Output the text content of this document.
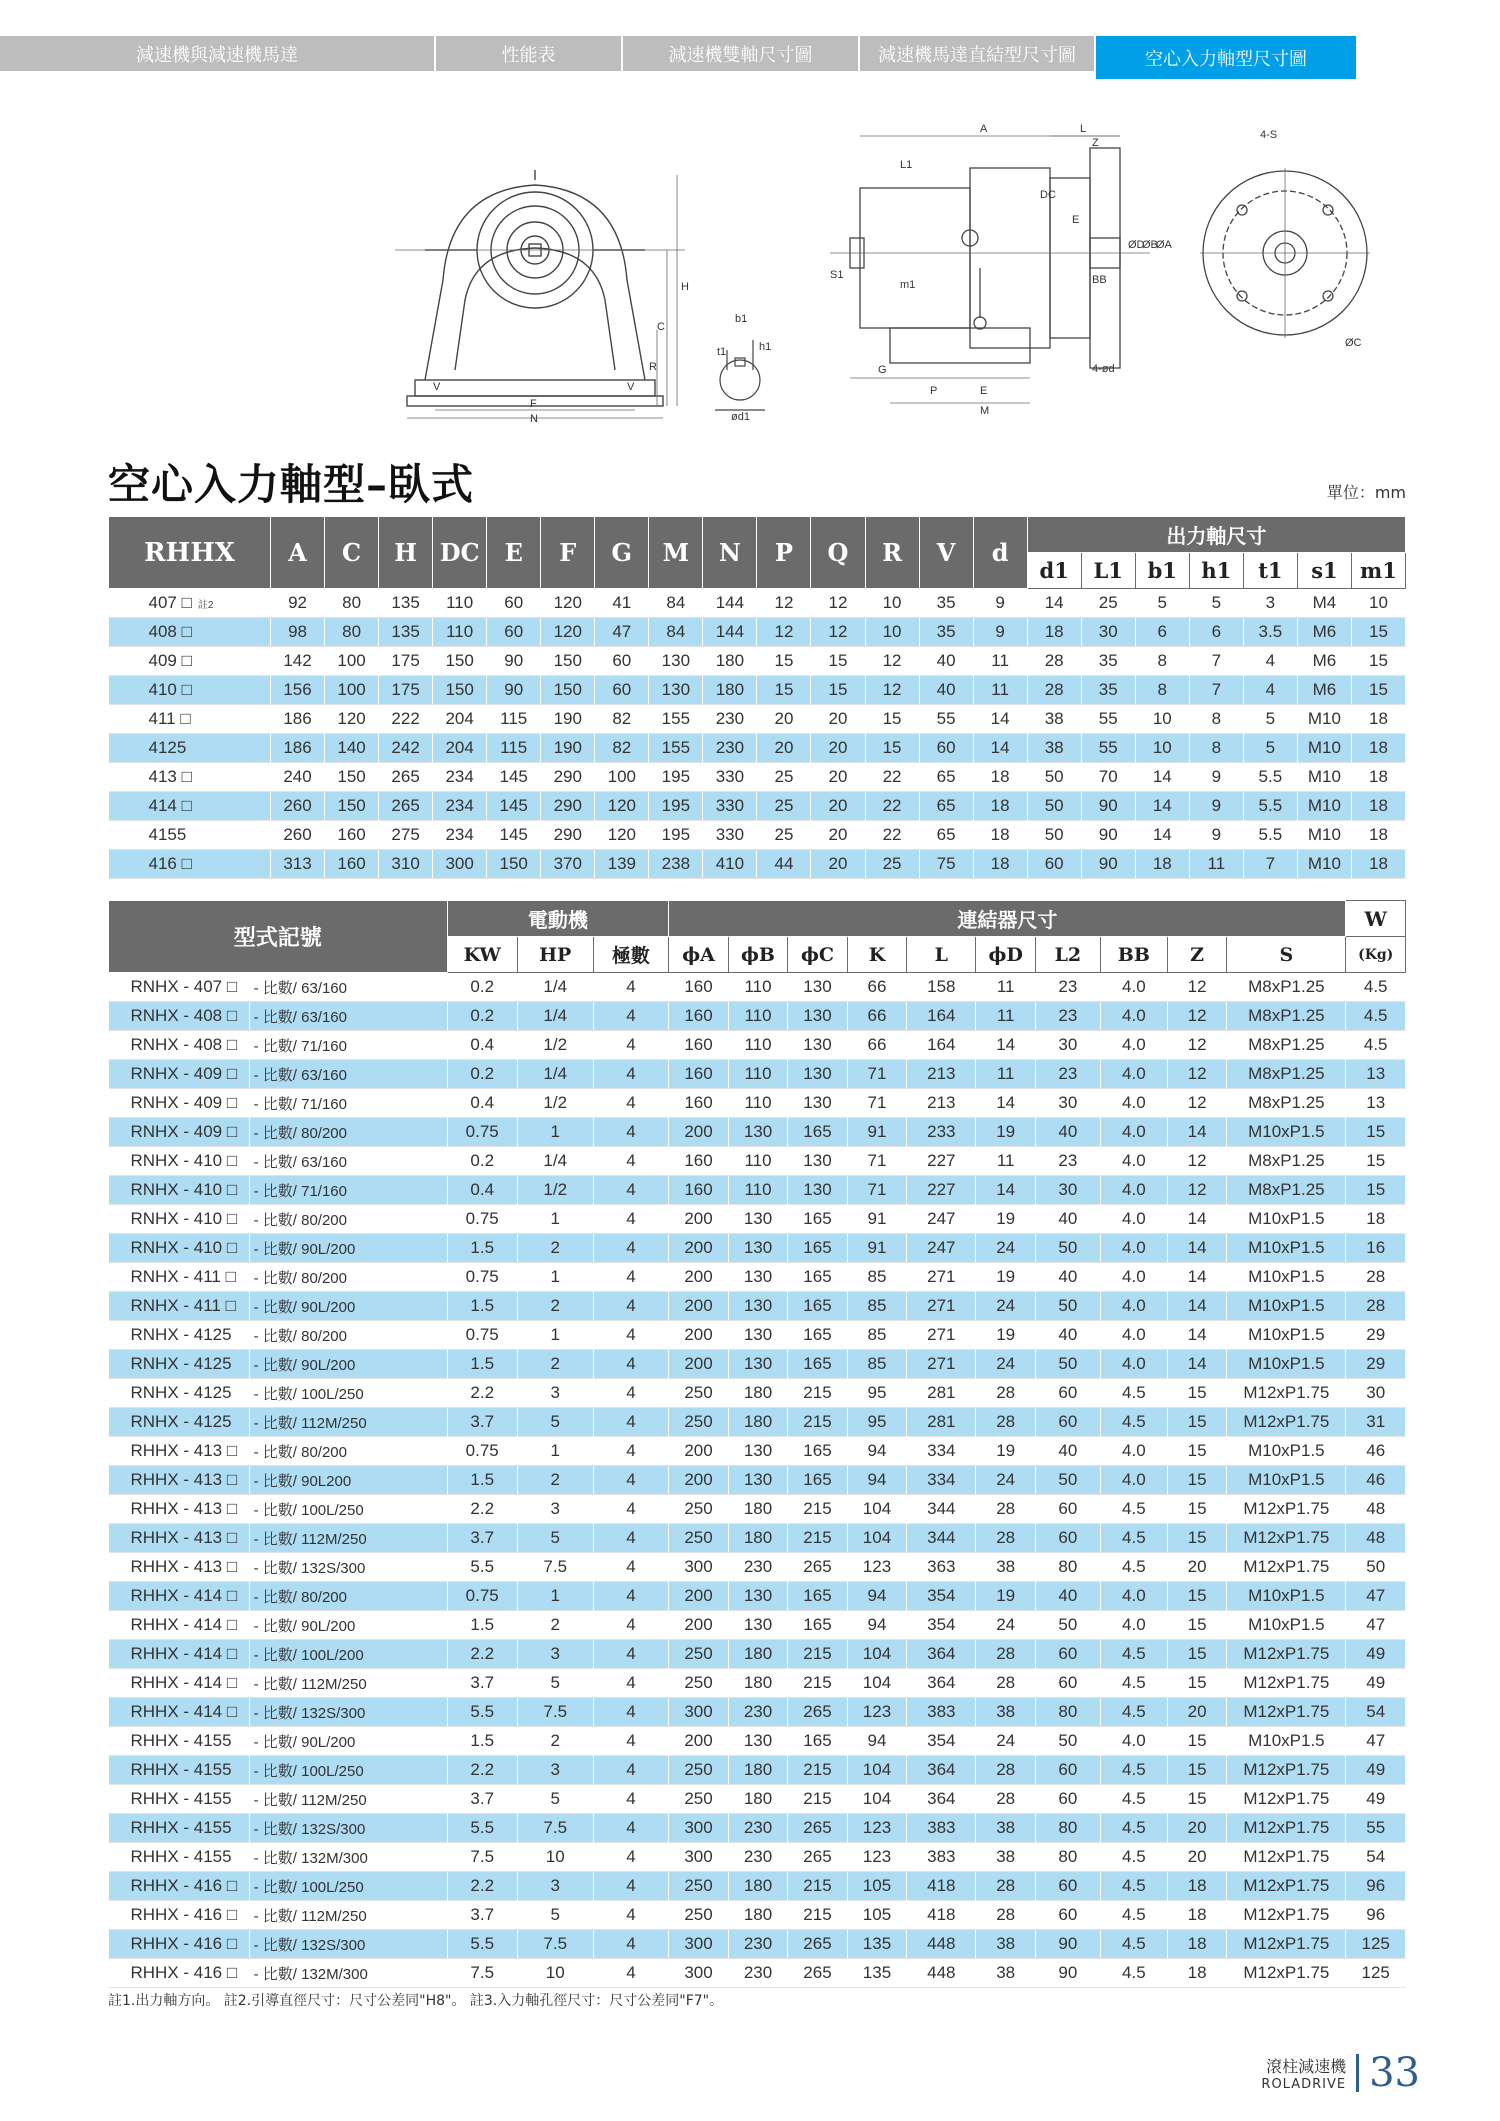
減速機與減速機馬達	性能表	減速機雙軸尺寸圖	減速機馬達直結型尺寸圖	空心入力軸型尺寸圖
H
C
R
F
N
V	V
t1
b1
h1
ød1
A	L
Z
L1
DC
E
S1
m1
ØD
ØB
ØA
BB
G
P	E
M
4-ød
4-S
ØC
空心入力軸型–臥式	單位：mm
RHHX	A	C	H	DC	E	F	G	M	N	P	Q	R	V	d	出力軸尺寸						
															d1	L1	b1	h1	t1	s1	m1
407 □ 註2	92	80	135	110	60	120	41	84	144	12	12	10	35	9	14	25	5	5	3	M4	10
408 □	98	80	135	110	60	120	47	84	144	12	12	10	35	9	18	30	6	6	3.5	M6	15
409 □	142	100	175	150	90	150	60	130	180	15	15	12	40	11	28	35	8	7	4	M6	15
410 □	156	100	175	150	90	150	60	130	180	15	15	12	40	11	28	35	8	7	4	M6	15
411 □	186	120	222	204	115	190	82	155	230	20	20	15	55	14	38	55	10	8	5	M10	18
4125	186	140	242	204	115	190	82	155	230	20	20	15	60	14	38	55	10	8	5	M10	18
413 □	240	150	265	234	145	290	100	195	330	25	20	22	65	18	50	70	14	9	5.5	M10	18
414 □	260	150	265	234	145	290	120	195	330	25	20	22	65	18	50	90	14	9	5.5	M10	18
4155	260	160	275	234	145	290	120	195	330	25	20	22	65	18	50	90	14	9	5.5	M10	18
416 □	313	160	310	300	150	370	139	238	410	44	20	25	75	18	60	90	18	11	7	M10	18
型式記號		電動機			連結器尺寸										W
		KW	HP	極數	ϕA	ϕB	ϕC	K	L	ϕD	L2	BB	Z	S	(Kg)
RNHX - 407 □	- 比數/ 63/160	0.2	1/4	4	160	110	130	66	158	11	23	4.0	12	M8xP1.25	4.5
RNHX - 408 □	- 比數/ 63/160	0.2	1/4	4	160	110	130	66	164	11	23	4.0	12	M8xP1.25	4.5
RNHX - 408 □	- 比數/ 71/160	0.4	1/2	4	160	110	130	66	164	14	30	4.0	12	M8xP1.25	4.5
RNHX - 409 □	- 比數/ 63/160	0.2	1/4	4	160	110	130	71	213	11	23	4.0	12	M8xP1.25	13
RNHX - 409 □	- 比數/ 71/160	0.4	1/2	4	160	110	130	71	213	14	30	4.0	12	M8xP1.25	13
RNHX - 409 □	- 比數/ 80/200	0.75	1	4	200	130	165	91	233	19	40	4.0	14	M10xP1.5	15
RNHX - 410 □	- 比數/ 63/160	0.2	1/4	4	160	110	130	71	227	11	23	4.0	12	M8xP1.25	15
RNHX - 410 □	- 比數/ 71/160	0.4	1/2	4	160	110	130	71	227	14	30	4.0	12	M8xP1.25	15
RNHX - 410 □	- 比數/ 80/200	0.75	1	4	200	130	165	91	247	19	40	4.0	14	M10xP1.5	18
RNHX - 410 □	- 比數/ 90L/200	1.5	2	4	200	130	165	91	247	24	50	4.0	14	M10xP1.5	16
RNHX - 411 □	- 比數/ 80/200	0.75	1	4	200	130	165	85	271	19	40	4.0	14	M10xP1.5	28
RNHX - 411 □	- 比數/ 90L/200	1.5	2	4	200	130	165	85	271	24	50	4.0	14	M10xP1.5	28
RNHX - 4125	- 比數/ 80/200	0.75	1	4	200	130	165	85	271	19	40	4.0	14	M10xP1.5	29
RNHX - 4125	- 比數/ 90L/200	1.5	2	4	200	130	165	85	271	24	50	4.0	14	M10xP1.5	29
RNHX - 4125	- 比數/ 100L/250	2.2	3	4	250	180	215	95	281	28	60	4.5	15	M12xP1.75	30
RNHX - 4125	- 比數/ 112M/250	3.7	5	4	250	180	215	95	281	28	60	4.5	15	M12xP1.75	31
RHHX - 413 □	- 比數/ 80/200	0.75	1	4	200	130	165	94	334	19	40	4.0	15	M10xP1.5	46
RHHX - 413 □	- 比數/ 90L200	1.5	2	4	200	130	165	94	334	24	50	4.0	15	M10xP1.5	46
RHHX - 413 □	- 比數/ 100L/250	2.2	3	4	250	180	215	104	344	28	60	4.5	15	M12xP1.75	48
RHHX - 413 □	- 比數/ 112M/250	3.7	5	4	250	180	215	104	344	28	60	4.5	15	M12xP1.75	48
RHHX - 413 □	- 比數/ 132S/300	5.5	7.5	4	300	230	265	123	363	38	80	4.5	20	M12xP1.75	50
RHHX - 414 □	- 比數/ 80/200	0.75	1	4	200	130	165	94	354	19	40	4.0	15	M10xP1.5	47
RHHX - 414 □	- 比數/ 90L/200	1.5	2	4	200	130	165	94	354	24	50	4.0	15	M10xP1.5	47
RHHX - 414 □	- 比數/ 100L/200	2.2	3	4	250	180	215	104	364	28	60	4.5	15	M12xP1.75	49
RHHX - 414 □	- 比數/ 112M/250	3.7	5	4	250	180	215	104	364	28	60	4.5	15	M12xP1.75	49
RHHX - 414 □	- 比數/ 132S/300	5.5	7.5	4	300	230	265	123	383	38	80	4.5	20	M12xP1.75	54
RHHX - 4155	- 比數/ 90L/200	1.5	2	4	200	130	165	94	354	24	50	4.0	15	M10xP1.5	47
RHHX - 4155	- 比數/ 100L/250	2.2	3	4	250	180	215	104	364	28	60	4.5	15	M12xP1.75	49
RHHX - 4155	- 比數/ 112M/250	3.7	5	4	250	180	215	104	364	28	60	4.5	15	M12xP1.75	49
RHHX - 4155	- 比數/ 132S/300	5.5	7.5	4	300	230	265	123	383	38	80	4.5	20	M12xP1.75	55
RHHX - 4155	- 比數/ 132M/300	7.5	10	4	300	230	265	123	383	38	80	4.5	20	M12xP1.75	54
RHHX - 416 □	- 比數/ 100L/250	2.2	3	4	250	180	215	105	418	28	60	4.5	18	M12xP1.75	96
RHHX - 416 □	- 比數/ 112M/250	3.7	5	4	250	180	215	105	418	28	60	4.5	18	M12xP1.75	96
RHHX - 416 □	- 比數/ 132S/300	5.5	7.5	4	300	230	265	135	448	38	90	4.5	18	M12xP1.75	125
RHHX - 416 □	- 比數/ 132M/300	7.5	10	4	300	230	265	135	448	38	90	4.5	18	M12xP1.75	125
註1.出力軸方向。 註2.引導直徑尺寸：尺寸公差同"H8"。 註3.入力軸孔徑尺寸：尺寸公差同"F7"。
滾柱減速機
ROLADRIVE 33
